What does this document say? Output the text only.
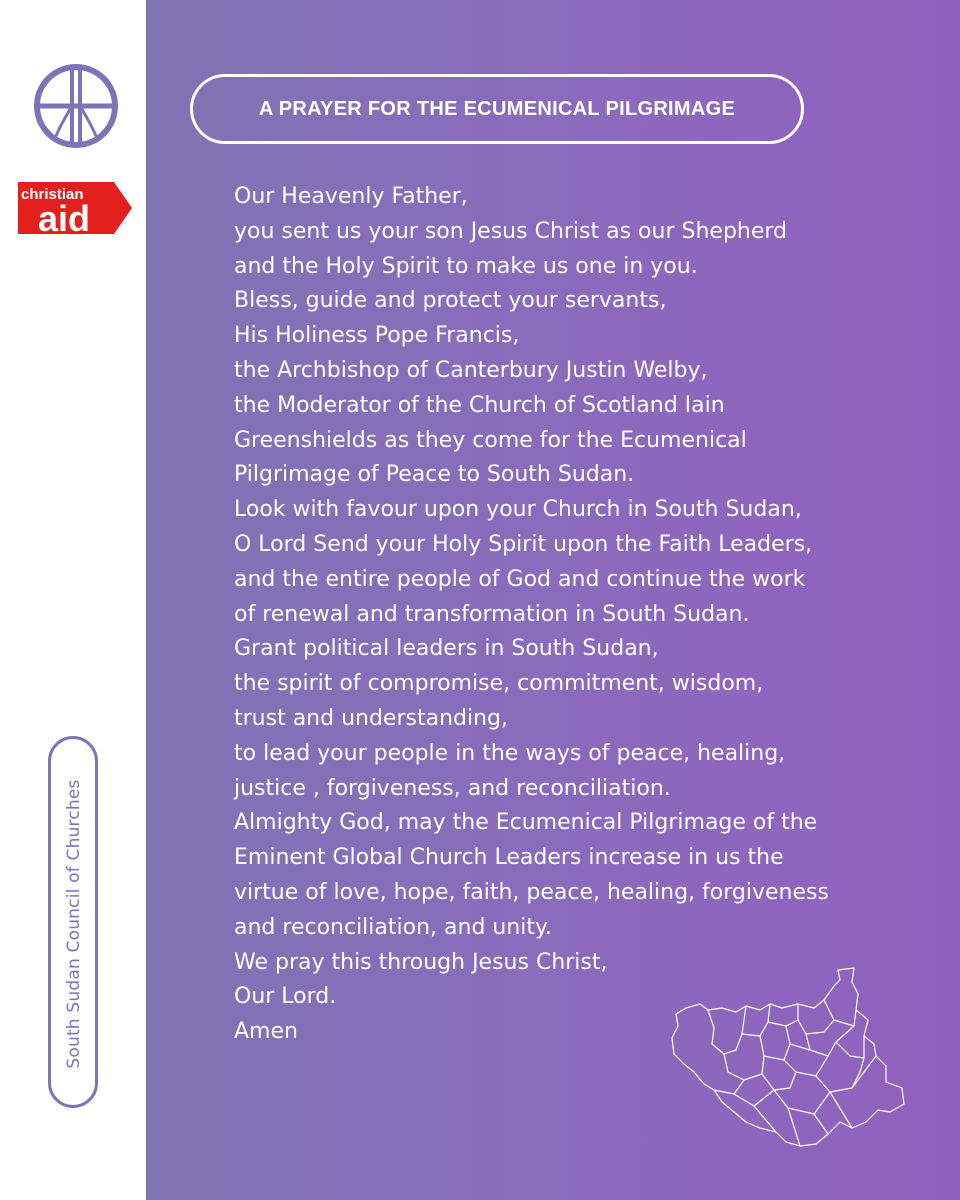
christian
aid
South Sudan Council of Churches
A PRAYER FOR THE ECUMENICAL PILGRIMAGE
Our Heavenly Father,
you sent us your son Jesus Christ as our Shepherd
and the Holy Spirit to make us one in you.
Bless, guide and protect your servants,
His Holiness Pope Francis,
the Archbishop of Canterbury Justin Welby,
the Moderator of the Church of Scotland Iain
Greenshields as they come for the Ecumenical
Pilgrimage of Peace to South Sudan.
Look with favour upon your Church in South Sudan,
O Lord Send your Holy Spirit upon the Faith Leaders,
and the entire people of God and continue the work
of renewal and transformation in South Sudan.
Grant political leaders in South Sudan,
the spirit of compromise, commitment, wisdom,
trust and understanding,
to lead your people in the ways of peace, healing,
justice , forgiveness, and reconciliation.
Almighty God, may the Ecumenical Pilgrimage of the
Eminent Global Church Leaders increase in us the
virtue of love, hope, faith, peace, healing, forgiveness
and reconciliation, and unity.
We pray this through Jesus Christ,
Our Lord.
Amen
